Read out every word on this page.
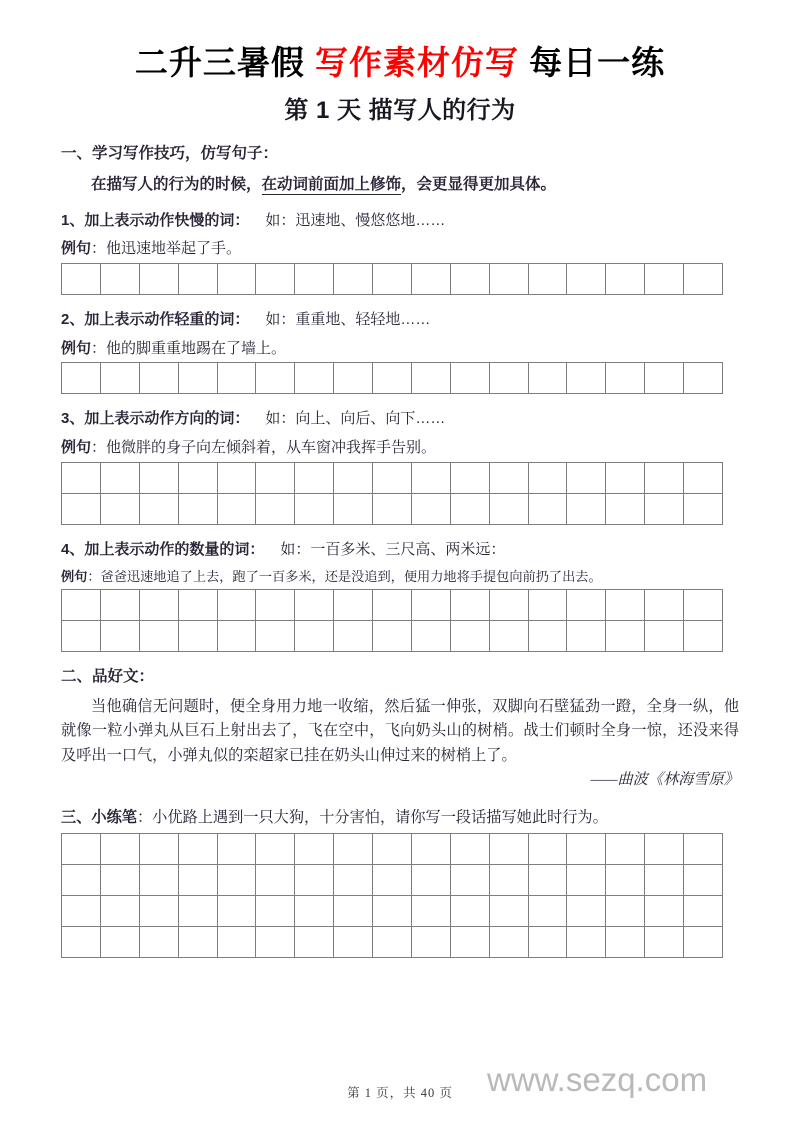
二升三暑假 写作素材仿写 每日一练
第 1 天 描写人的行为
一、学习写作技巧，仿写句子：
在描写人的行为的时候，在动词前面加上修饰，会更显得更加具体。
1、加上表示动作快慢的词： 如：迅速地、慢悠悠地……
例句：他迅速地举起了手。

2、加上表示动作轻重的词： 如：重重地、轻轻地……
例句：他的脚重重地踢在了墙上。

3、加上表示动作方向的词： 如：向上、向后、向下……
例句：他微胖的身子向左倾斜着，从车窗冲我挥手告别。

4、加上表示动作的数量的词： 如：一百多米、三尺高、两米远：
例句：爸爸迅速地追了上去，跑了一百多米，还是没追到，便用力地将手提包向前扔了出去。

二、品好文：

当他确信无问题时，便全身用力地一收缩，然后猛一伸张，双脚向石壁猛劲一蹬，全身一纵，他就像一粒小弹丸从巨石上射出去了，飞在空中，飞向奶头山的树梢。战士们顿时全身一惊，还没来得及呼出一口气，小弹丸似的栾超家已挂在奶头山伸过来的树梢上了。

——曲波《林海雪原》

三、小练笔：小优路上遇到一只大狗，十分害怕，请你写一段话描写她此时行为。

第 1 页，共 40 页	www.sezq.com
